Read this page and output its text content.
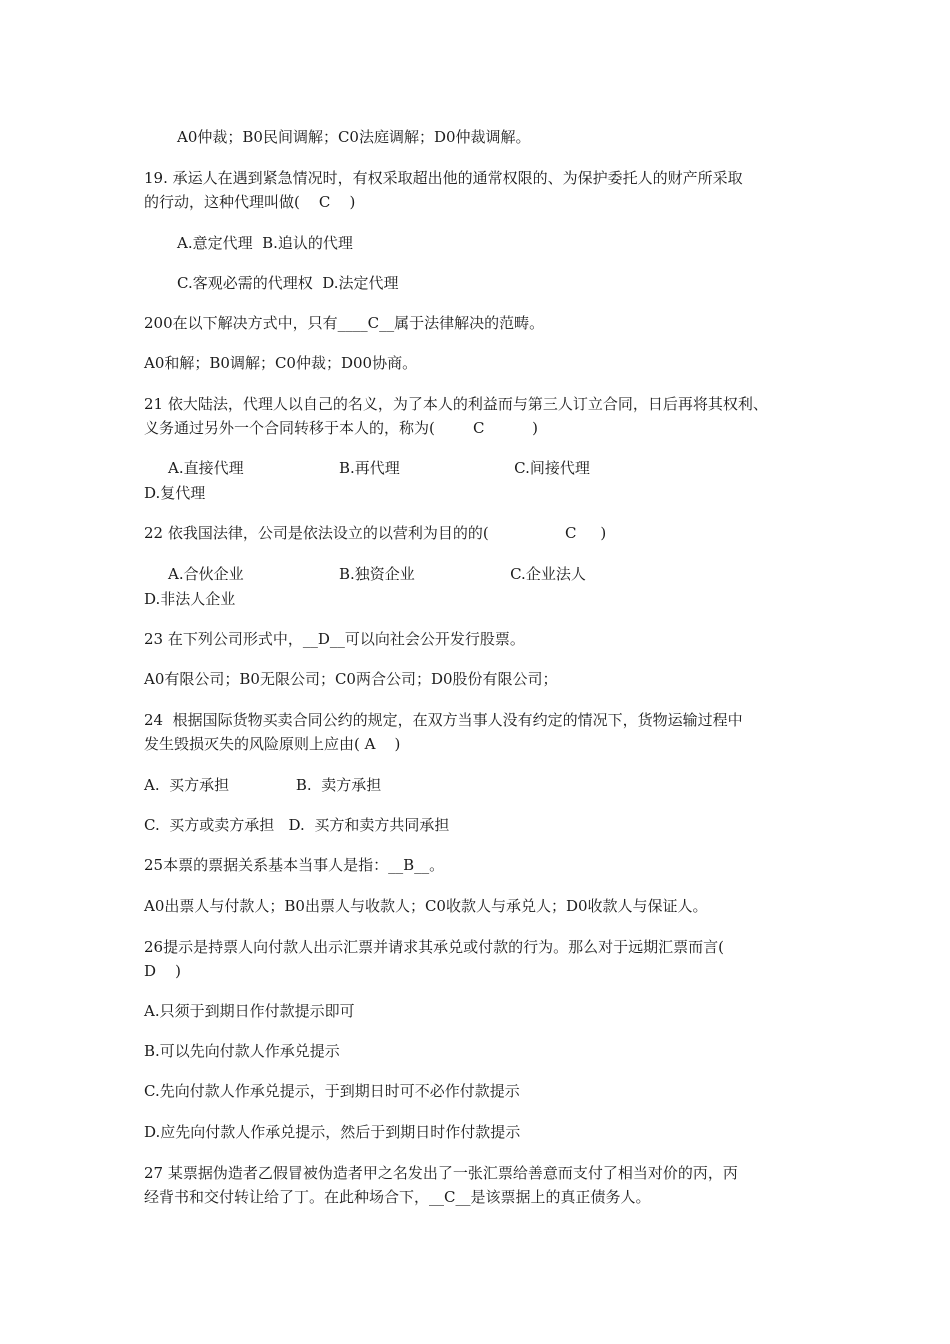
A0仲裁；B0民间调解；C0法庭调解；D0仲裁调解。
19. 承运人在遇到紧急情况时，有权采取超出他的通常权限的、为保护委托人的财产所采取
的行动，这种代理叫做(    C    )
A.意定代理  B.追认的代理
C.客观必需的代理权  D.法定代理
200在以下解决方式中，只有____C__属于法律解决的范畴。
A0和解；B0调解；C0仲裁；D00协商。
21 依大陆法，代理人以自己的名义，为了本人的利益而与第三人订立合同，日后再将其权利、
义务通过另外一个合同转移于本人的，称为(        C          )
A.直接代理                    B.再代理                        C.间接代理
D.复代理
22 依我国法律，公司是依法设立的以营利为目的的(                C     )
A.合伙企业                    B.独资企业                    C.企业法人
D.非法人企业
23 在下列公司形式中，__D__可以向社会公开发行股票。
A0有限公司；B0无限公司；C0两合公司；D0股份有限公司；
24  根据国际货物买卖合同公约的规定，在双方当事人没有约定的情况下，货物运输过程中
发生毁损灭失的风险原则上应由( A    )
A.  买方承担              B.  卖方承担
C.  买方或卖方承担   D.  买方和卖方共同承担
25本票的票据关系基本当事人是指：__B__。
A0出票人与付款人；B0出票人与收款人；C0收款人与承兑人；D0收款人与保证人。
26提示是持票人向付款人出示汇票并请求其承兑或付款的行为。那么对于远期汇票而言(
D    )
A.只须于到期日作付款提示即可
B.可以先向付款人作承兑提示
C.先向付款人作承兑提示，于到期日时可不必作付款提示
D.应先向付款人作承兑提示，然后于到期日时作付款提示
27 某票据伪造者乙假冒被伪造者甲之名发出了一张汇票给善意而支付了相当对价的丙，丙
经背书和交付转让给了丁。在此种场合下，__C__是该票据上的真正债务人。
